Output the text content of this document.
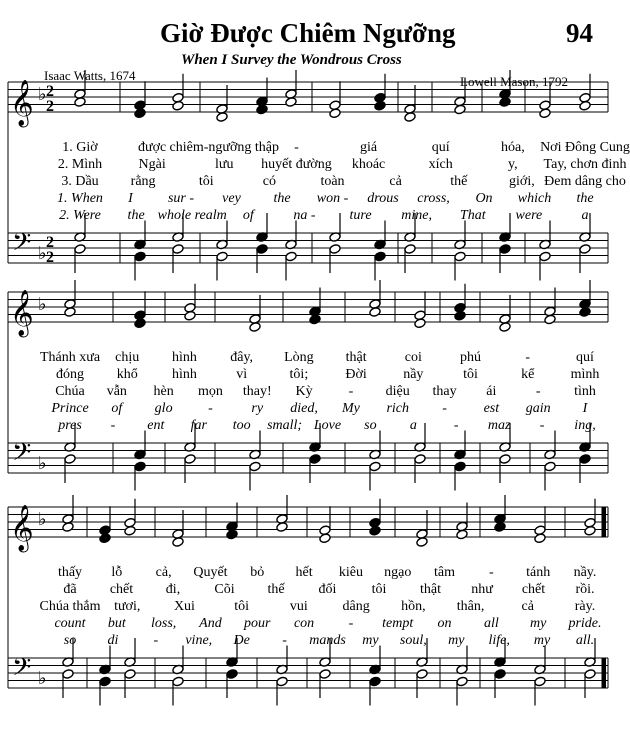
Giờ Được Chiêm Ngưỡng	94
When I Survey the Wondrous Cross
Isaac Watts, 1674	Lowell Mason, 1792
𝄞 ♭ 2
2
𝄢 ♭
2
2
𝄞 ♭
𝄢 ♭
𝄞 ♭
𝄢 ♭
1. Giờ	được chiêm-ngưỡng thập -	giá	quí	hóa, Nơi Đông Cung
2. Mình	Ngài	lưu huyết đường khoác	xích	y, Tay, chơn đinh
3. Dầu rằng	tôi	có	toàn	cả	thế	giới, Đem dâng cho
1. When I	sur - vey the won - drous cross, On which the
2. Were the whole realm of	na - ture mine, That were	a
Thánh xưa chịu hình đây, Lòng thật	coi	phú	-	quí
đóng khổ hình	vì	tôi;	Đời	nầy	tôi	kể	mình
Chúa vẫn hèn mọn thay! Kỳ	- diệu thay ái	- tình
Prince of glo	-	ry died, My rich -	est gain I
pres - ent far too small; Love so a	- maz - ing,
thấy lỗ cả, Quyết bỏ hết kiêu ngạo tâm - tánh nầy.
đã chết đi, Cõi thế đối	tôi thật như chết rồi.
Chúa thắm tươi, Xui	tôi	vui dâng hồn, thân,	cả	rày.
count but loss, And pour con - tempt on all my pride.
so di	- vine, De - mands my soul, my life, my all.
